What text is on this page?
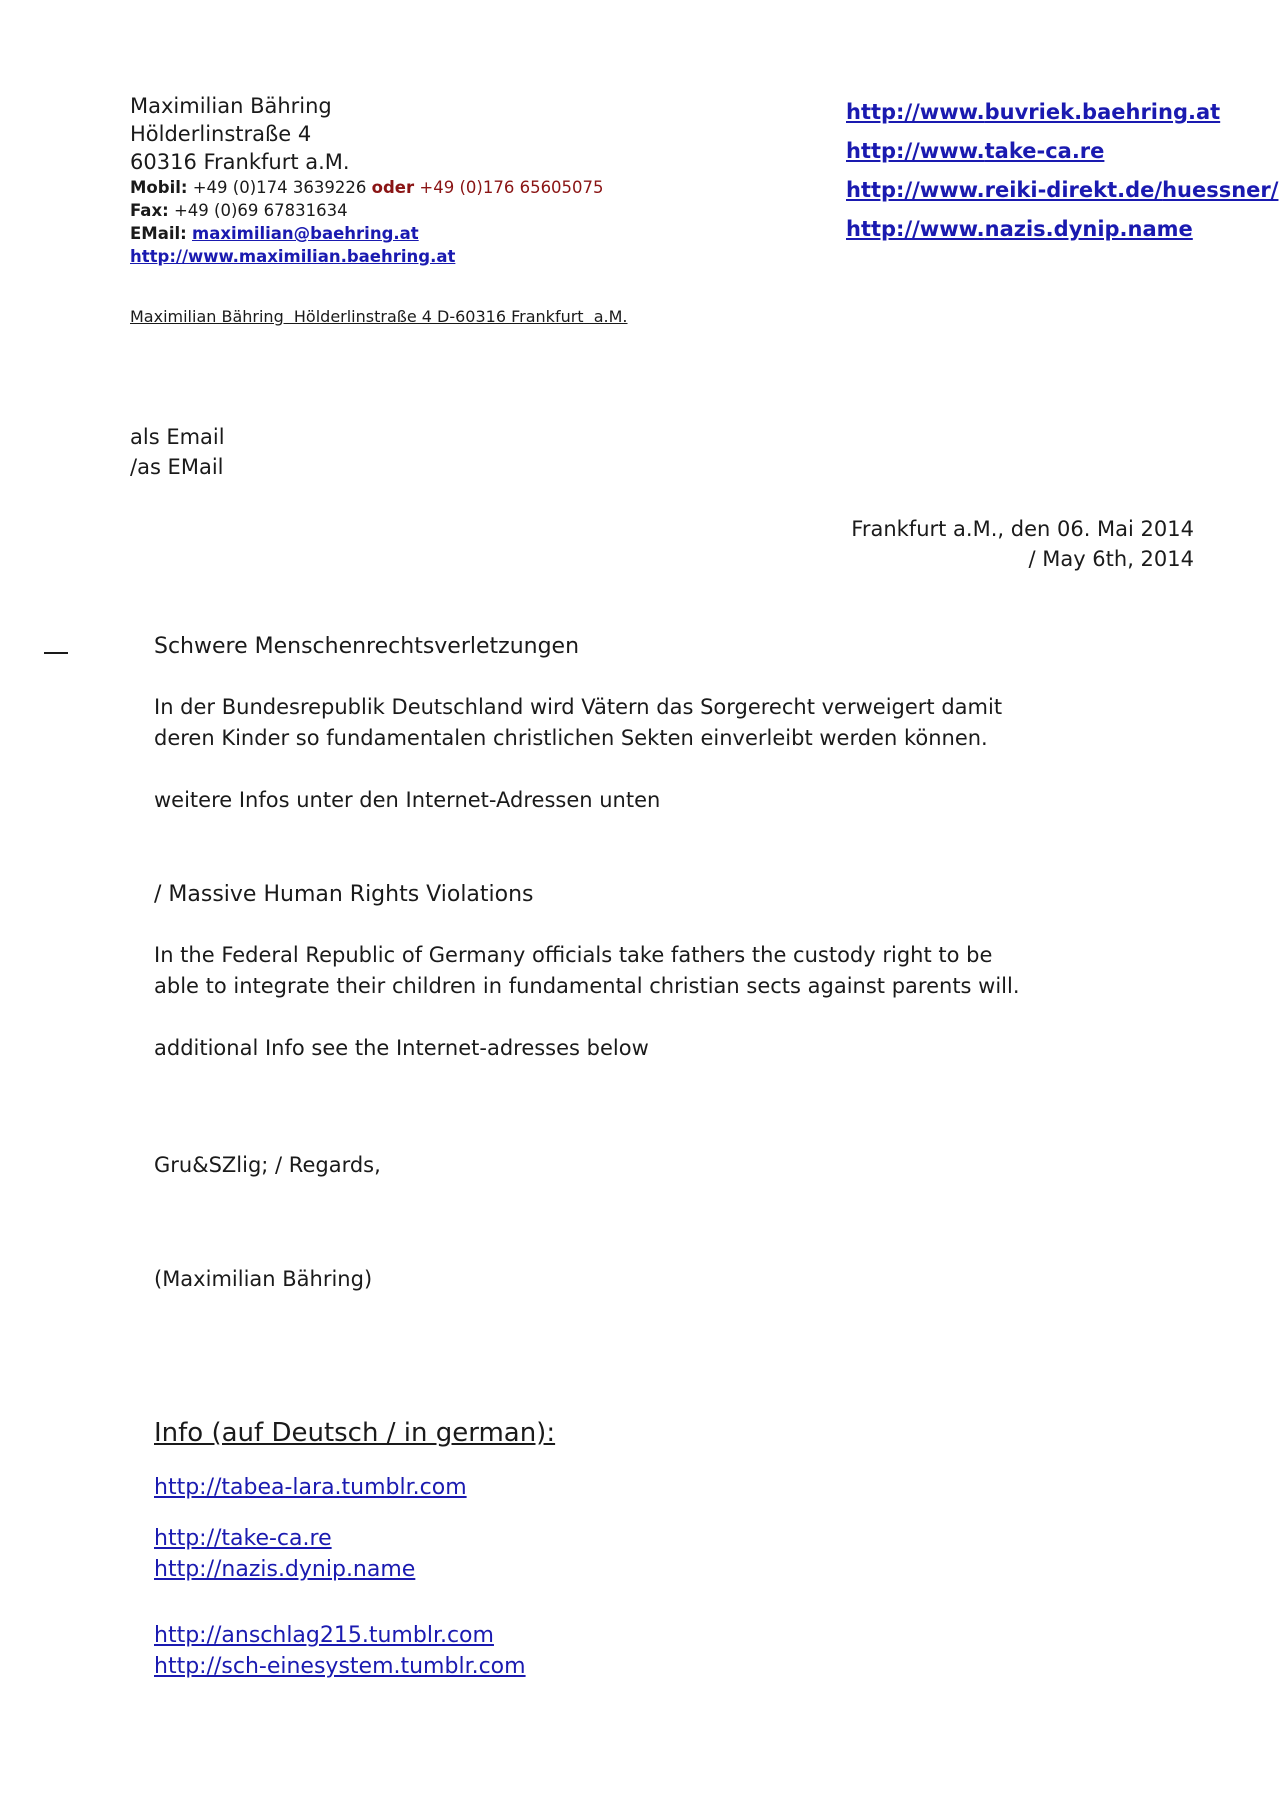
Maximilian Bähring
Hölderlinstraße 4
60316 Frankfurt a.M.
Mobil: +49 (0)174 3639226 oder +49 (0)176 65605075
Fax: +49 (0)69 67831634
EMail: maximilian@baehring.at
http://www.maximilian.baehring.at
http://www.buvriek.baehring.at
http://www.take-ca.re
http://www.reiki-direkt.de/huessner/
http://www.nazis.dynip.name
Maximilian Bähring  Hölderlinstraße 4 D-60316 Frankfurt  a.M.
als Email
/as EMail
Frankfurt a.M., den 06. Mai 2014
/ May 6th, 2014
Schwere Menschenrechtsverletzungen
In der Bundesrepublik Deutschland wird Vätern das Sorgerecht verweigert damit
deren Kinder so fundamentalen christlichen Sekten einverleibt werden können.
weitere Infos unter den Internet-Adressen unten
/ Massive Human Rights Violations
In the Federal Republic of Germany officials take fathers the custody right to be
able to integrate their children in fundamental christian sects against parents will.
additional Info see the Internet-adresses below
Gru&SZlig; / Regards,
(Maximilian Bähring)
Info (auf Deutsch / in german):
http://tabea-lara.tumblr.com
http://take-ca.re
http://nazis.dynip.name
http://anschlag215.tumblr.com
http://sch-einesystem.tumblr.com
